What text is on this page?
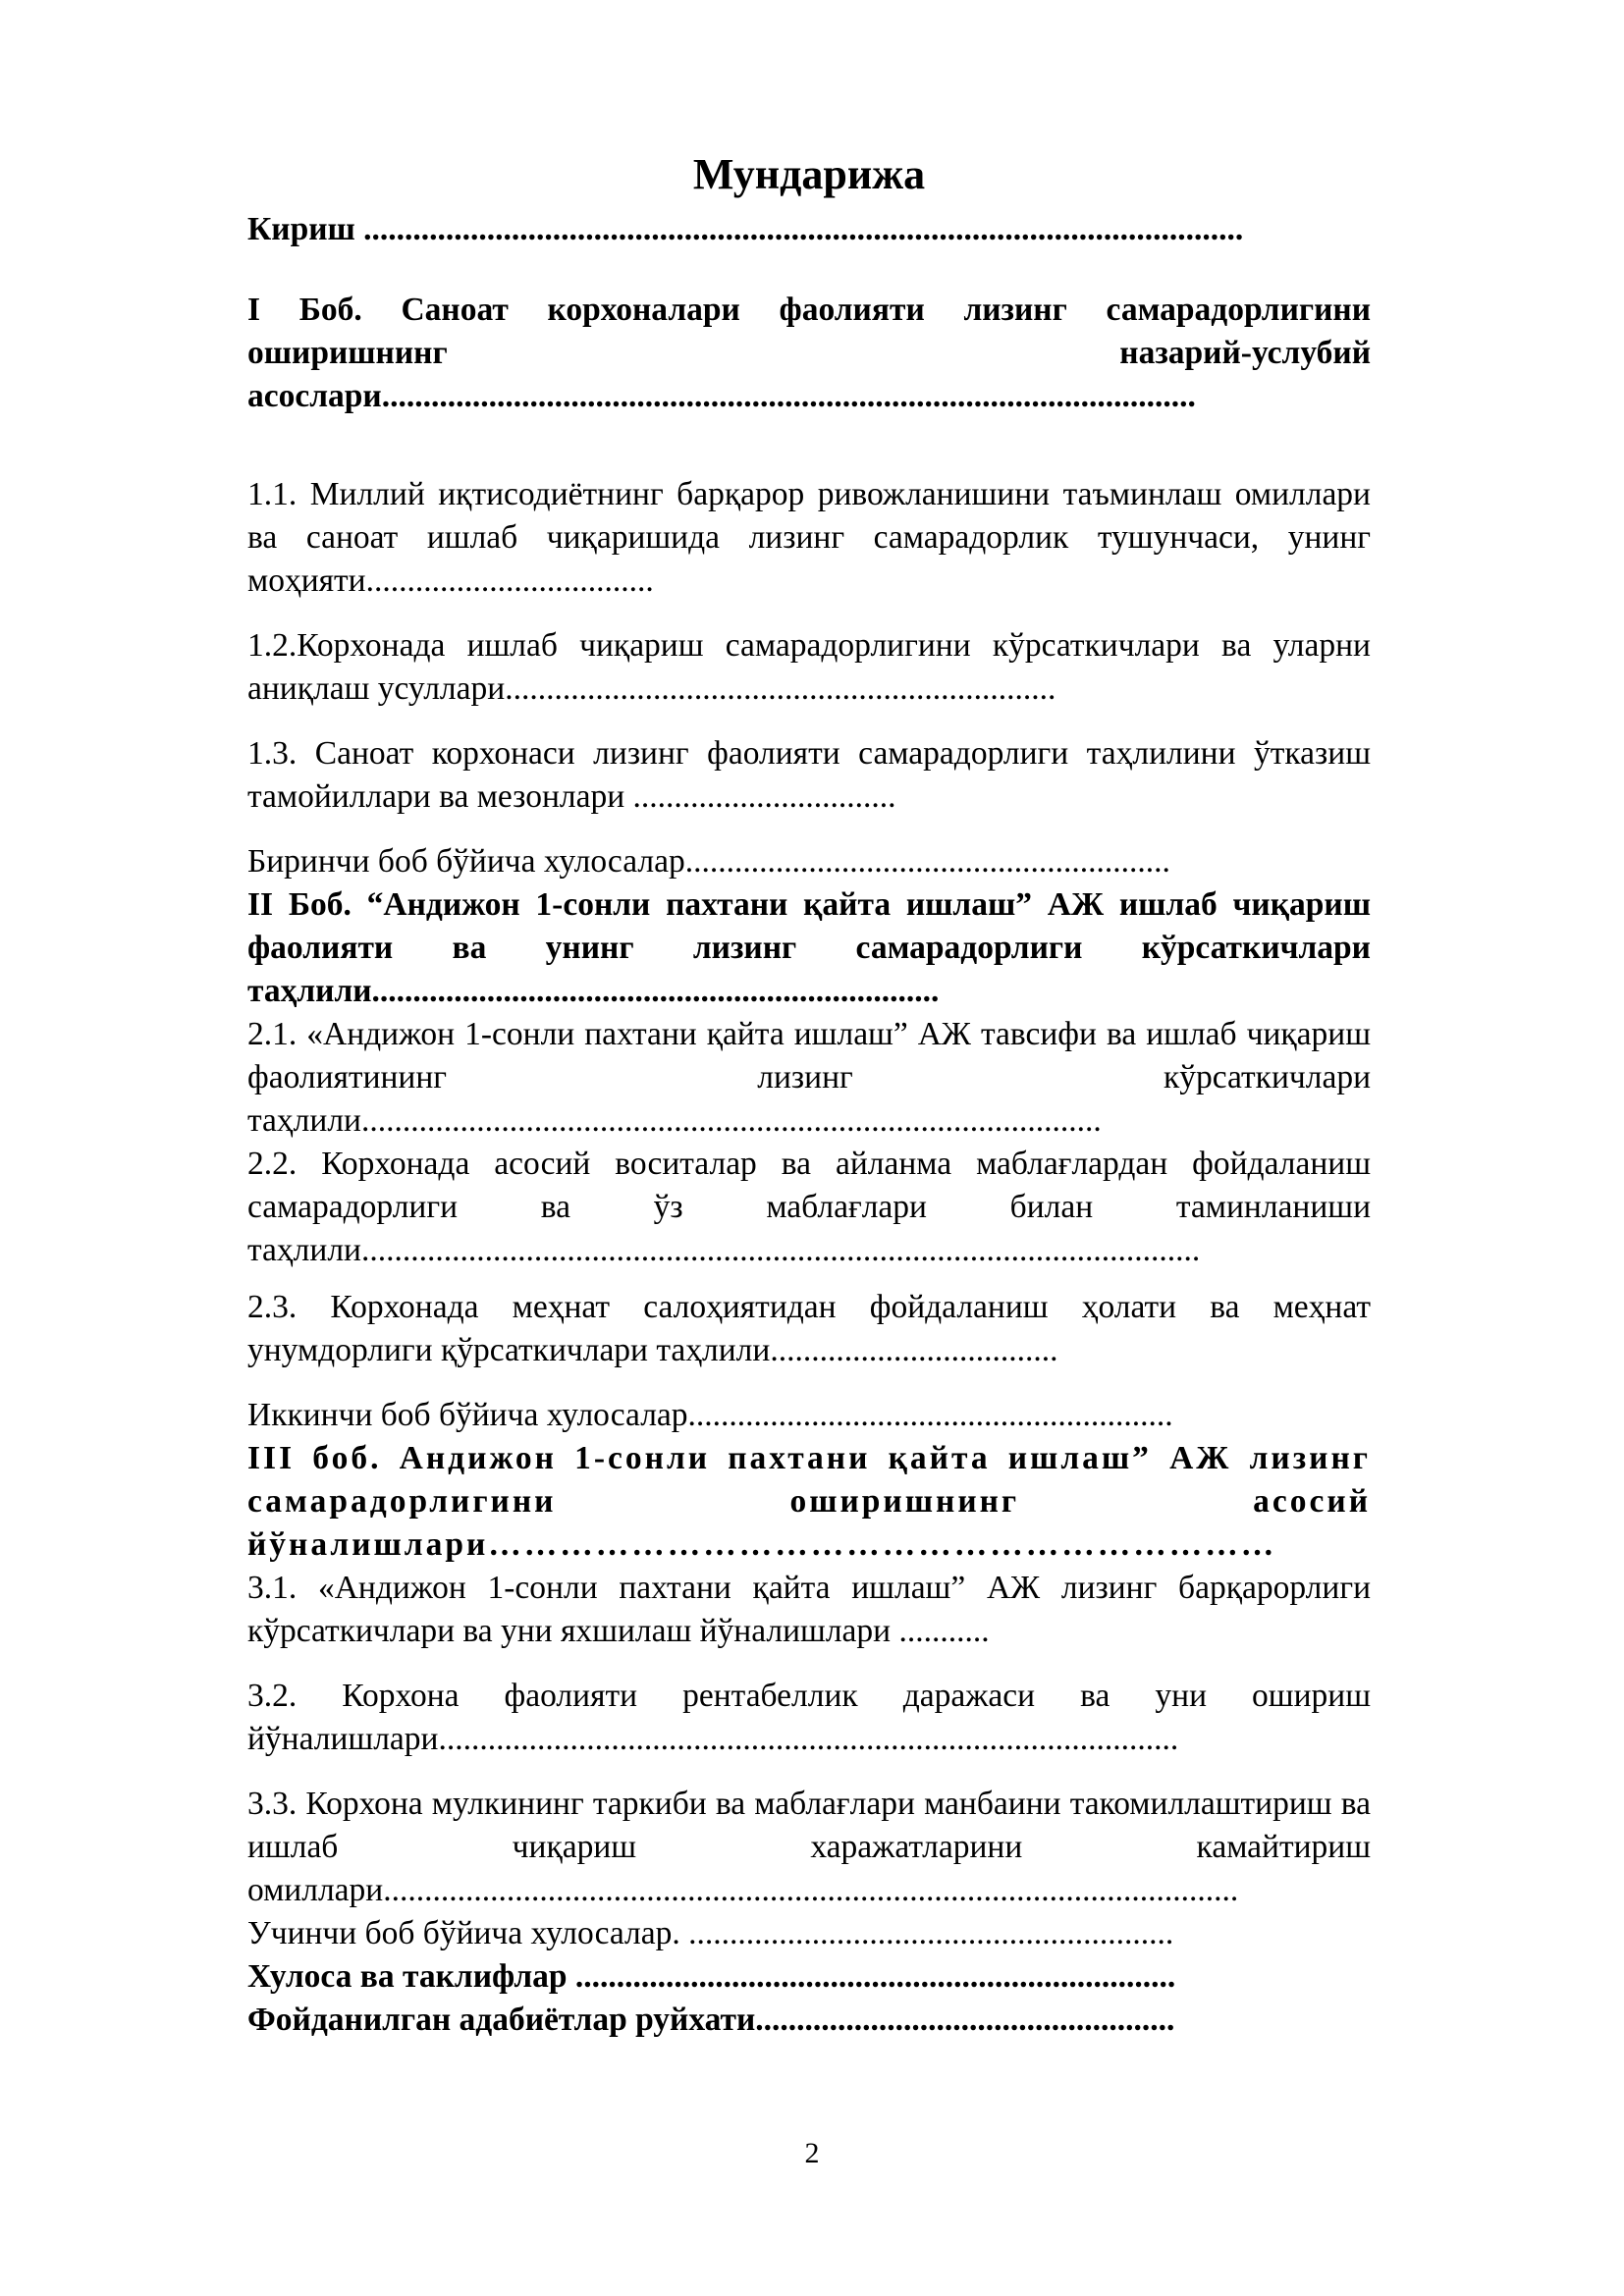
Мундарижа

Кириш ...........................................................................................................

I Боб. Саноат корхоналари фаолияти лизинг самарадорлигини оширишнинг назарий-услубий асослари...................................................................................................

1.1. Миллий иқтисодиётнинг барқарор ривожланишини таъминлаш омиллари ва саноат ишлаб чиқаришида лизинг самарадорлик тушунчаси, унинг моҳияти...................................

1.2.Корхонада ишлаб чиқариш самарадорлигини кўрсаткичлари ва уларни аниқлаш усуллари...................................................................

1.3. Саноат корхонаси лизинг фаолияти самарадорлиги таҳлилини ўтказиш тамойиллари ва мезонлари ................................

Биринчи боб бўйича хулосалар...........................................................

II Боб. “Андижон 1-сонли пахтани қайта ишлаш” АЖ ишлаб чиқариш фаолияти ва унинг лизинг самарадорлиги кўрсаткичлари таҳлили.....................................................................

2.1. «Андижон 1-сонли пахтани қайта ишлаш” АЖ тавсифи ва ишлаб чиқариш фаолиятининг лизинг кўрсаткичлари таҳлили..........................................................................................

2.2. Корхонада асосий воситалар ва айланма маблағлардан фойдаланиш самарадорлиги ва ўз маблағлари билан таминланиши таҳлили......................................................................................................

2.3. Корхонада меҳнат салоҳиятидан фойдаланиш ҳолати ва меҳнат унумдорлиги қўрсаткичлари таҳлили...................................

Иккинчи боб бўйича хулосалар...........................................................

III боб. Андижон 1-сонли пахтани қайта ишлаш” АЖ лизинг самарадорлигини оширишнинг асосий йўналишлари…………………………………………………………

3.1. «Андижон 1-сонли пахтани қайта ишлаш” АЖ лизинг барқарорлиги кўрсаткичлари ва уни яхшилаш йўналишлари ...........

3.2. Корхона фаолияти рентабеллик даражаси ва уни ошириш йўналишлари..........................................................................................

3.3. Корхона мулкининг таркиби ва маблағлари манбаини такомиллаштириш ва ишлаб чиқариш харажатларини камайтириш омиллари........................................................................................................

Учинчи боб бўйича хулосалар. ...........................................................

Хулоса ва таклифлар .........................................................................

Фойданилган адабиётлар руйхати...................................................

2
